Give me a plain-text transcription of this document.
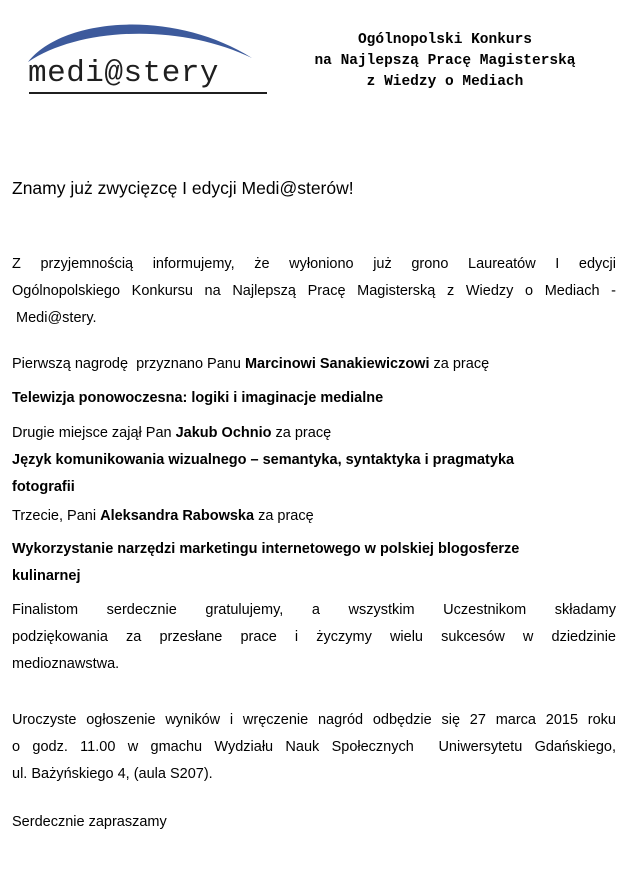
medi@stery
Ogólnopolski Konkurs
na Najlepszą Pracę Magisterską
z Wiedzy o Mediach
Znamy już zwycięzcę I edycji Medi@sterów!
Z przyjemnością informujemy, że wyłoniono już grono Laureatów I edycji
Ogólnopolskiego Konkursu na Najlepszą Pracę Magisterską z Wiedzy o Mediach -
Medi@stery.
Pierwszą nagrodę  przyznano Panu Marcinowi Sanakiewiczowi za pracę
Telewizja ponowoczesna: logiki i imaginacje medialne
Drugie miejsce zajął Pan Jakub Ochnio za pracę
Język komunikowania wizualnego – semantyka, syntaktyka i pragmatyka
fotografii
Trzecie, Pani Aleksandra Rabowska za pracę
Wykorzystanie narzędzi marketingu internetowego w polskiej blogosferze
kulinarnej
Finalistom serdecznie gratulujemy, a wszystkim Uczestnikom składamy
podziękowania za przesłane prace i życzymy wielu sukcesów w dziedzinie
medioznawstwa.
Uroczyste ogłoszenie wyników i wręczenie nagród odbędzie się 27 marca 2015 roku
o godz. 11.00 w gmachu Wydziału Nauk Społecznych  Uniwersytetu Gdańskiego,
ul. Bażyńskiego 4, (aula S207).
Serdecznie zapraszamy
